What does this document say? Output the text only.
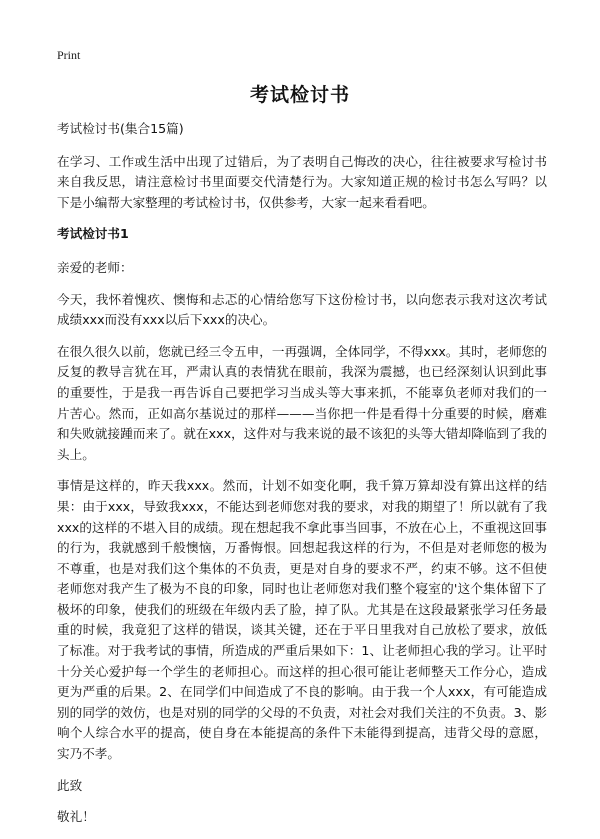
Print
考试检讨书

考试检讨书(集合15篇)

在学习、工作或生活中出现了过错后，为了表明自己悔改的决心，往往被要求写检讨书来自我反思，请注意检讨书里面要交代清楚行为。大家知道正规的检讨书怎么写吗？以下是小编帮大家整理的考试检讨书，仅供参考，大家一起来看看吧。

考试检讨书1

亲爱的老师：

今天，我怀着愧疚、懊悔和忐忑的心情给您写下这份检讨书，以向您表示我对这次考试成绩xxx而没有xxx以后下xxx的决心。

在很久很久以前，您就已经三令五申，一再强调，全体同学，不得xxx。其时，老师您的反复的教导言犹在耳，严肃认真的表情犹在眼前，我深为震撼，也已经深刻认识到此事的重要性，于是我一再告诉自己要把学习当成头等大事来抓，不能辜负老师对我们的一片苦心。然而，正如高尔基说过的那样———当你把一件是看得十分重要的时候，磨难和失败就接踵而来了。就在xxx，这件对与我来说的最不该犯的头等大错却降临到了我的头上。

事情是这样的，昨天我xxx。然而，计划不如变化啊，我千算万算却没有算出这样的结果：由于xxx，导致我xxx，不能达到老师您对我的要求，对我的期望了！所以就有了我xxx的这样的不堪入目的成绩。现在想起我不拿此事当回事，不放在心上，不重视这回事的行为，我就感到千般懊恼，万番悔恨。回想起我这样的行为，不但是对老师您的极为不尊重，也是对我们这个集体的不负责，更是对自身的要求不严，约束不够。这不但使老师您对我产生了极为不良的印象，同时也让老师您对我们整个寝室的'这个集体留下了极坏的印象，使我们的班级在年级内丢了脸，掉了队。尤其是在这段最紧张学习任务最重的时候，我竟犯了这样的错误，谈其关键，还在于平日里我对自己放松了要求，放低了标准。对于我考试的事情，所造成的严重后果如下：1、让老师担心我的学习。让平时十分关心爱护每一个学生的老师担心。而这样的担心很可能让老师整天工作分心，造成更为严重的后果。2、在同学们中间造成了不良的影响。由于我一个人xxx，有可能造成别的同学的效仿，也是对别的同学的父母的不负责，对社会对我们关注的不负责。3、影响个人综合水平的提高，使自身在本能提高的条件下未能得到提高，违背父母的意愿，实乃不孝。

此致

敬礼！
